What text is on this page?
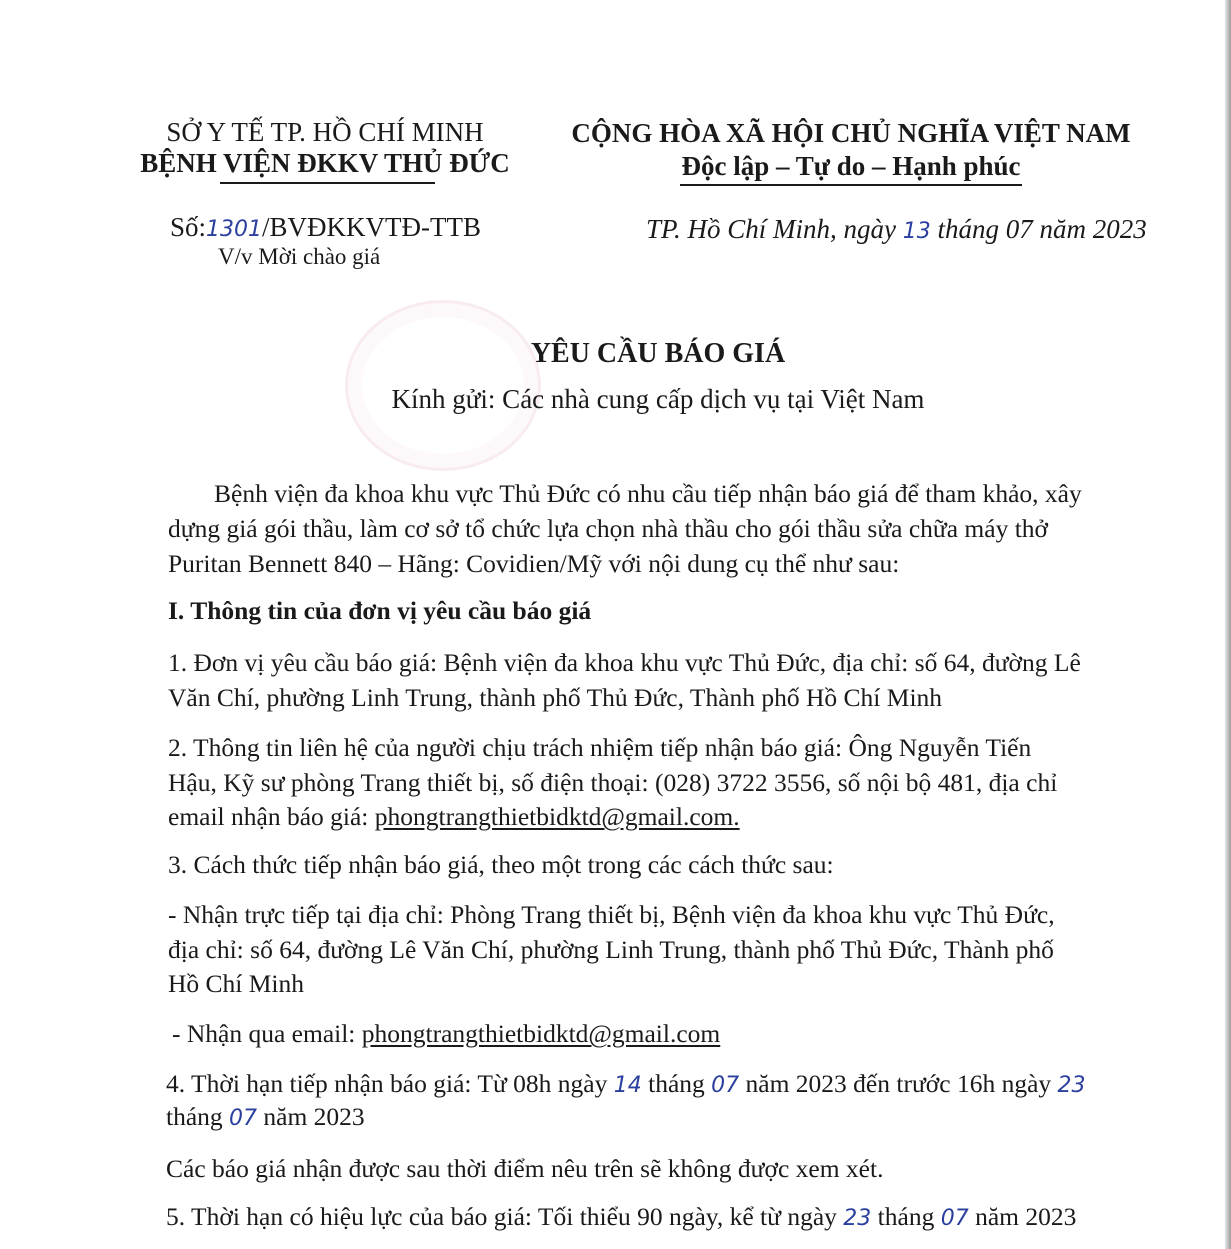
SỞ Y TẾ TP. HỒ CHÍ MINH
BỆNH VIỆN ĐKKV THỦ ĐỨC
CỘNG HÒA XÃ HỘI CHỦ NGHĨA VIỆT NAM
Độc lập – Tự do – Hạnh phúc
Số:1301/BVĐKKVTĐ-TTB
V/v Mời chào giá
TP. Hồ Chí Minh, ngày 13 tháng 07 năm 2023
YÊU CẦU BÁO GIÁ
Kính gửi: Các nhà cung cấp dịch vụ tại Việt Nam
Bệnh viện đa khoa khu vực Thủ Đức có nhu cầu tiếp nhận báo giá để tham khảo, xây
dựng giá gói thầu, làm cơ sở tổ chức lựa chọn nhà thầu cho gói thầu sửa chữa máy thở
Puritan Bennett 840 – Hãng: Covidien/Mỹ với nội dung cụ thể như sau:
I. Thông tin của đơn vị yêu cầu báo giá
1. Đơn vị yêu cầu báo giá: Bệnh viện đa khoa khu vực Thủ Đức, địa chỉ: số 64, đường Lê
Văn Chí, phường Linh Trung, thành phố Thủ Đức, Thành phố Hồ Chí Minh
2. Thông tin liên hệ của người chịu trách nhiệm tiếp nhận báo giá: Ông Nguyễn Tiến
Hậu, Kỹ sư phòng Trang thiết bị, số điện thoại: (028) 3722 3556, số nội bộ 481, địa chỉ
email nhận báo giá: phongtrangthietbidktd@gmail.com.
3. Cách thức tiếp nhận báo giá, theo một trong các cách thức sau:
- Nhận trực tiếp tại địa chỉ: Phòng Trang thiết bị, Bệnh viện đa khoa khu vực Thủ Đức,
địa chỉ: số 64, đường Lê Văn Chí, phường Linh Trung, thành phố Thủ Đức, Thành phố
Hồ Chí Minh
- Nhận qua email: phongtrangthietbidktd@gmail.com
4. Thời hạn tiếp nhận báo giá: Từ 08h ngày 14 tháng 07 năm 2023 đến trước 16h ngày 23
tháng 07 năm 2023
Các báo giá nhận được sau thời điểm nêu trên sẽ không được xem xét.
5. Thời hạn có hiệu lực của báo giá: Tối thiểu 90 ngày, kể từ ngày 23 tháng 07 năm 2023
